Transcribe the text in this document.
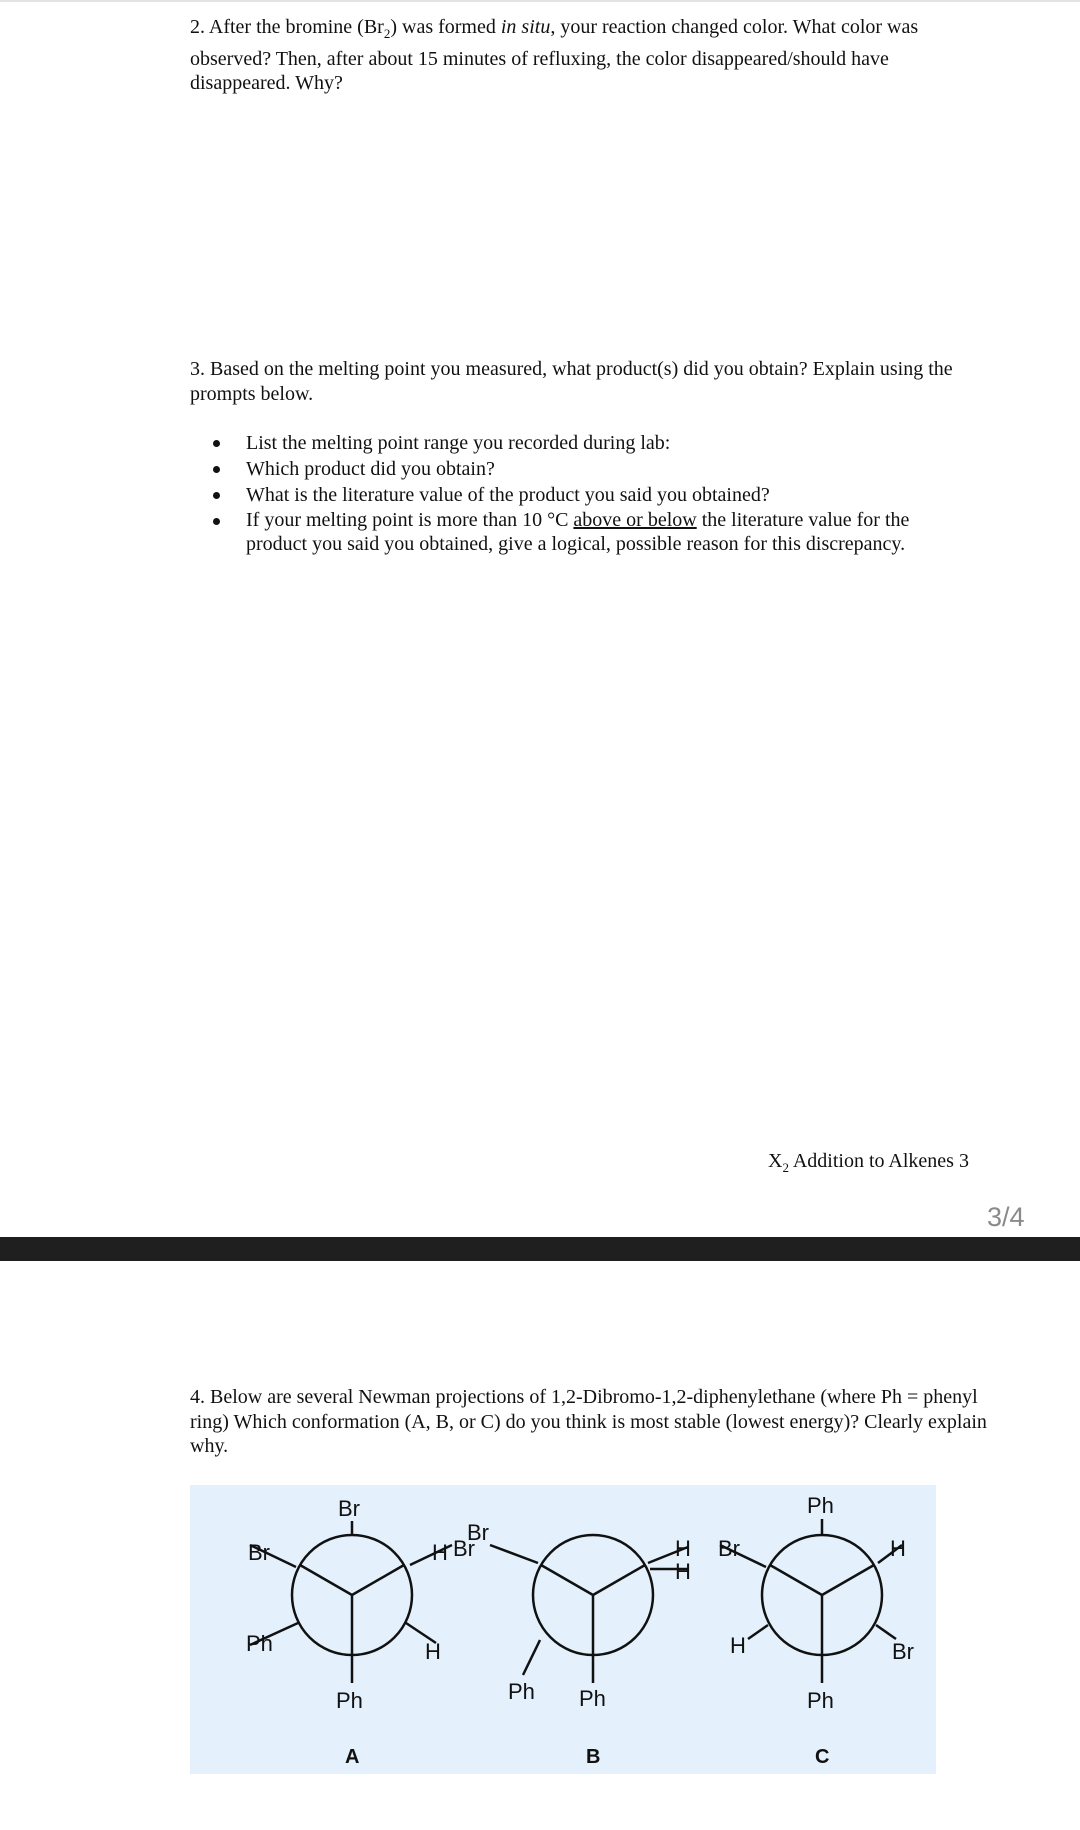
2. After the bromine $(Br_2)$ was formed in situ, your reaction changed color. What color was observed? Then, after about 15 minutes of refluxing, the color disappeared/should have disappeared. Why?
3. Based on the melting point you measured, what product(s) did you obtain? Explain using the prompts below.
List the melting point range you recorded during lab:
Which product did you obtain?
What is the literature value of the product you said you obtained?
If your melting point is more than 10 °C above or below the literature value for the product you said you obtained, give a logical, possible reason for this discrepancy.
$X_2$ Addition to Alkenes 3
3/4
4. Below are several Newman projections of 1,2-Dibromo-1,2-diphenylethane (where Ph = phenyl ring) Which conformation (A, B, or C) do you think is most stable (lowest energy)? Clearly explain why.
Br
Br	H
Ph	H
Ph
A
Br
Br
H
H
Ph Ph
B
Ph
Br	H
H	Br
Ph
C
